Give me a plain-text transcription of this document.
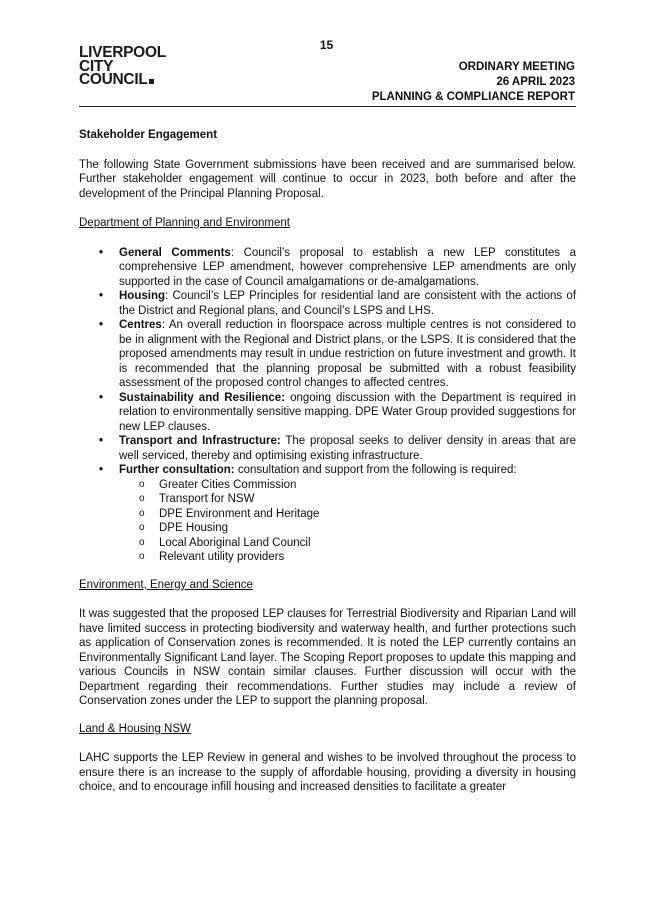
15
LIVERPOOL
CITY
COUNCIL
ORDINARY MEETING
26 APRIL 2023
PLANNING & COMPLIANCE REPORT

Stakeholder Engagement

The following State Government submissions have been received and are summarised below. Further stakeholder engagement will continue to occur in 2023, both before and after the development of the Principal Planning Proposal.

Department of Planning and Environment

• General Comments: Council’s proposal to establish a new LEP constitutes a comprehensive LEP amendment, however comprehensive LEP amendments are only supported in the case of Council amalgamations or de-amalgamations.
• Housing: Council’s LEP Principles for residential land are consistent with the actions of the District and Regional plans, and Council’s LSPS and LHS.
• Centres: An overall reduction in floorspace across multiple centres is not considered to be in alignment with the Regional and District plans, or the LSPS. It is considered that the proposed amendments may result in undue restriction on future investment and growth. It is recommended that the planning proposal be submitted with a robust feasibility assessment of the proposed control changes to affected centres.
• Sustainability and Resilience: ongoing discussion with the Department is required in relation to environmentally sensitive mapping. DPE Water Group provided suggestions for new LEP clauses.
• Transport and Infrastructure: The proposal seeks to deliver density in areas that are well serviced, thereby and optimising existing infrastructure.
• Further consultation: consultation and support from the following is required:
o Greater Cities Commission
o Transport for NSW
o DPE Environment and Heritage
o DPE Housing
o Local Aboriginal Land Council
o Relevant utility providers

Environment, Energy and Science

It was suggested that the proposed LEP clauses for Terrestrial Biodiversity and Riparian Land will have limited success in protecting biodiversity and waterway health, and further protections such as application of Conservation zones is recommended. It is noted the LEP currently contains an Environmentally Significant Land layer. The Scoping Report proposes to update this mapping and various Councils in NSW contain similar clauses. Further discussion will occur with the Department regarding their recommendations. Further studies may include a review of Conservation zones under the LEP to support the planning proposal.

Land & Housing NSW

LAHC supports the LEP Review in general and wishes to be involved throughout the process to ensure there is an increase to the supply of affordable housing, providing a diversity in housing choice, and to encourage infill housing and increased densities to facilitate a greater
